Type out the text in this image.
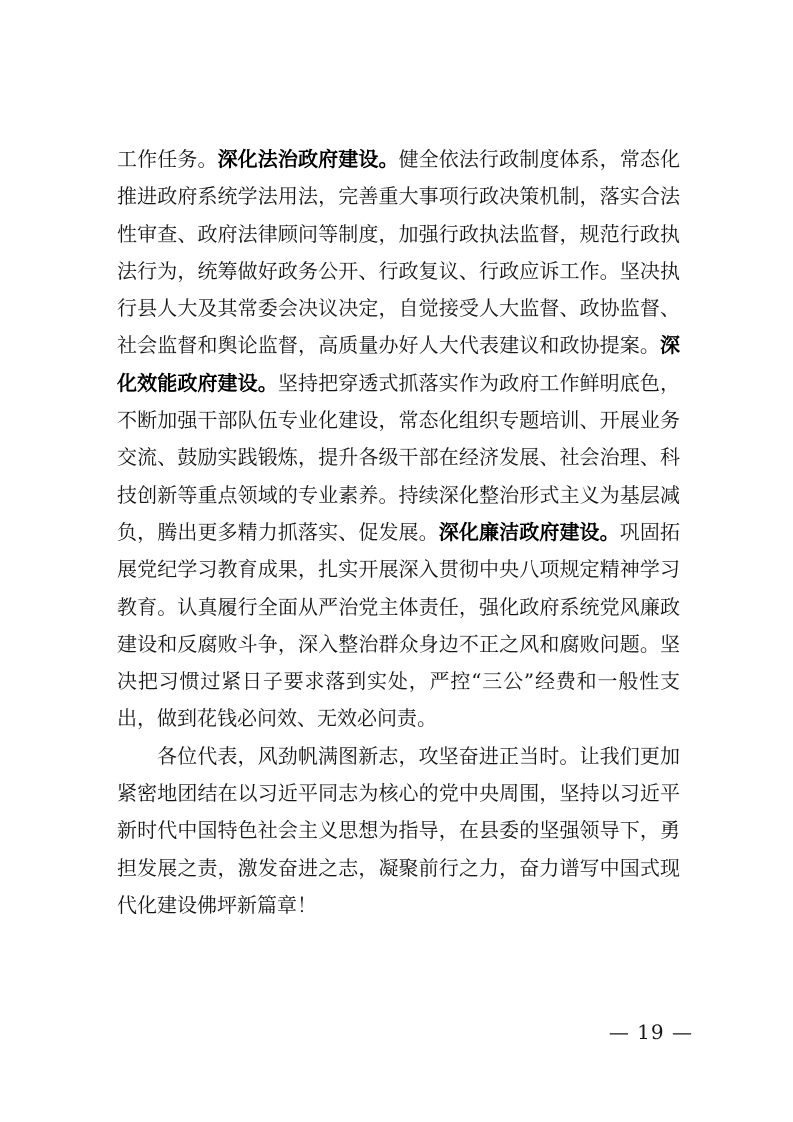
工作任务。深化法治政府建设。健全依法行政制度体系，常态化
推进政府系统学法用法，完善重大事项行政决策机制，落实合法
性审查、政府法律顾问等制度，加强行政执法监督，规范行政执
法行为，统筹做好政务公开、行政复议、行政应诉工作。坚决执
行县人大及其常委会决议决定，自觉接受人大监督、政协监督、
社会监督和舆论监督，高质量办好人大代表建议和政协提案。深
化效能政府建设。坚持把穿透式抓落实作为政府工作鲜明底色，
不断加强干部队伍专业化建设，常态化组织专题培训、开展业务
交流、鼓励实践锻炼，提升各级干部在经济发展、社会治理、科
技创新等重点领域的专业素养。持续深化整治形式主义为基层减
负，腾出更多精力抓落实、促发展。深化廉洁政府建设。巩固拓
展党纪学习教育成果，扎实开展深入贯彻中央八项规定精神学习
教育。认真履行全面从严治党主体责任，强化政府系统党风廉政
建设和反腐败斗争，深入整治群众身边不正之风和腐败问题。坚
决把习惯过紧日子要求落到实处，严控“三公”经费和一般性支
出，做到花钱必问效、无效必问责。
各位代表，风劲帆满图新志，攻坚奋进正当时。让我们更加
紧密地团结在以习近平同志为核心的党中央周围，坚持以习近平
新时代中国特色社会主义思想为指导，在县委的坚强领导下，勇
担发展之责，激发奋进之志，凝聚前行之力，奋力谱写中国式现
代化建设佛坪新篇章！
— 19 —
